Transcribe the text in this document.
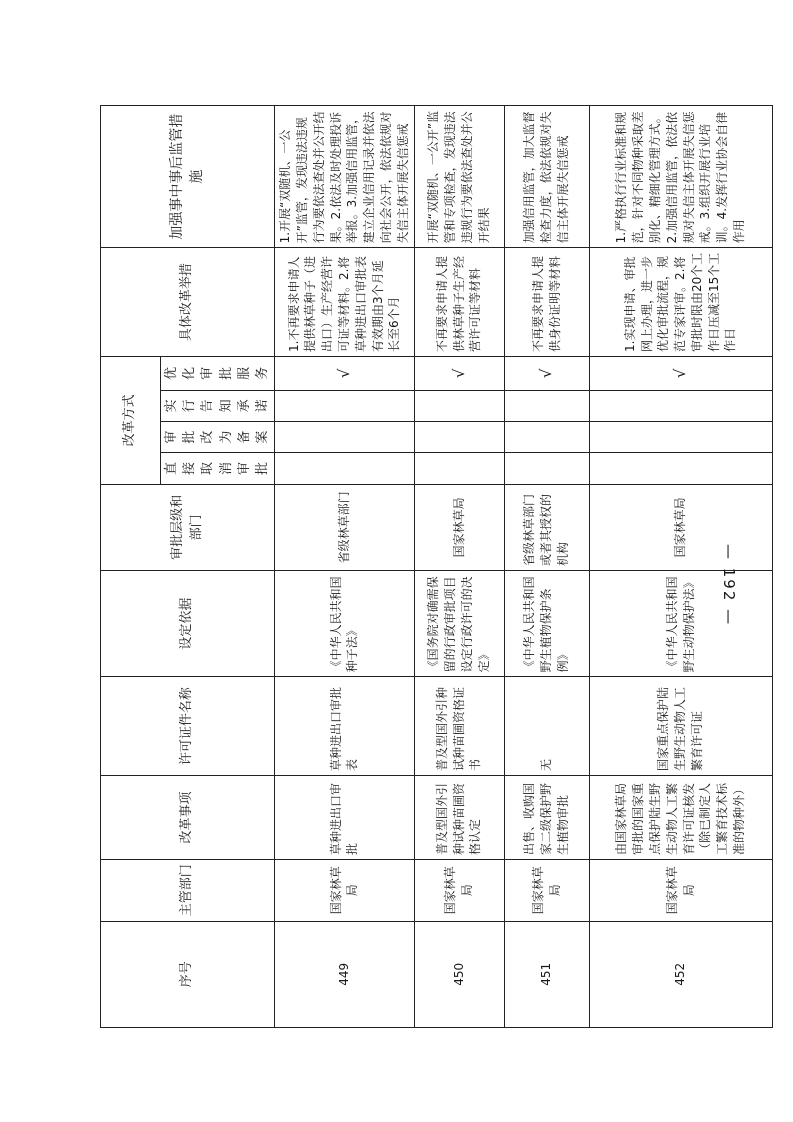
序号	主管部门	改革事项	许可证件名称	设定依据	审批层级和部门	改革方式				具体改革举措	加强事中事后监管措施
						直接取消审批	审批改为备案	实行告知承诺	优化审批服务		
449	国家林草局	草种进出口审批	草种进出口审批表	《中华人民共和国种子法》	省级林草部门				√	1.不再要求申请人提供林草种子（进出口）生产经营许可证等材料。2.将草种进出口审批表有效期由3个月延长至6个月	1.开展“双随机、一公开”监管，发现违法违规行为要依法查处并公开结果。2.依法及时处理投诉举报。3.加强信用监管，建立企业信用记录并依法向社会公开，依法依规对失信主体开展失信惩戒
450	国家林草局	普及型国外引种试种苗圃资格认定	普及型国外引种试种苗圃资格证书	《国务院对确需保留的行政审批项目设定行政许可的决定》	国家林草局				√	不再要求申请人提供林草种子生产经营许可证等材料	开展“双随机、一公开”监管和专项检查，发现违法违规行为要依法查处并公开结果
451	国家林草局	出售、收购国家二级保护野生植物审批	无	《中华人民共和国野生植物保护条例》	省级林草部门或者其授权的机构				√	不再要求申请人提供身份证明等材料	加强信用监管，加大监督检查力度，依法依规对失信主体开展失信惩戒
452	国家林草局	由国家林草局审批的国家重点保护陆生野生动物人工繁育许可证核发（除已制定人工繁育技术标准的物种外）	国家重点保护陆生野生动物人工繁育许可证	《中华人民共和国野生动物保护法》	国家林草局				√	1.实现申请、审批网上办理，进一步优化审批流程，规范专家评审。2.将审批时限由20个工作日压减至15个工作日	1.严格执行行业标准和规范，针对不同物种采取差别化、精细化管理方式。2.加强信用监管，依法依规对失信主体开展失信惩戒。3.组织开展行业培训。4.发挥行业协会自律作用
— 192 —
